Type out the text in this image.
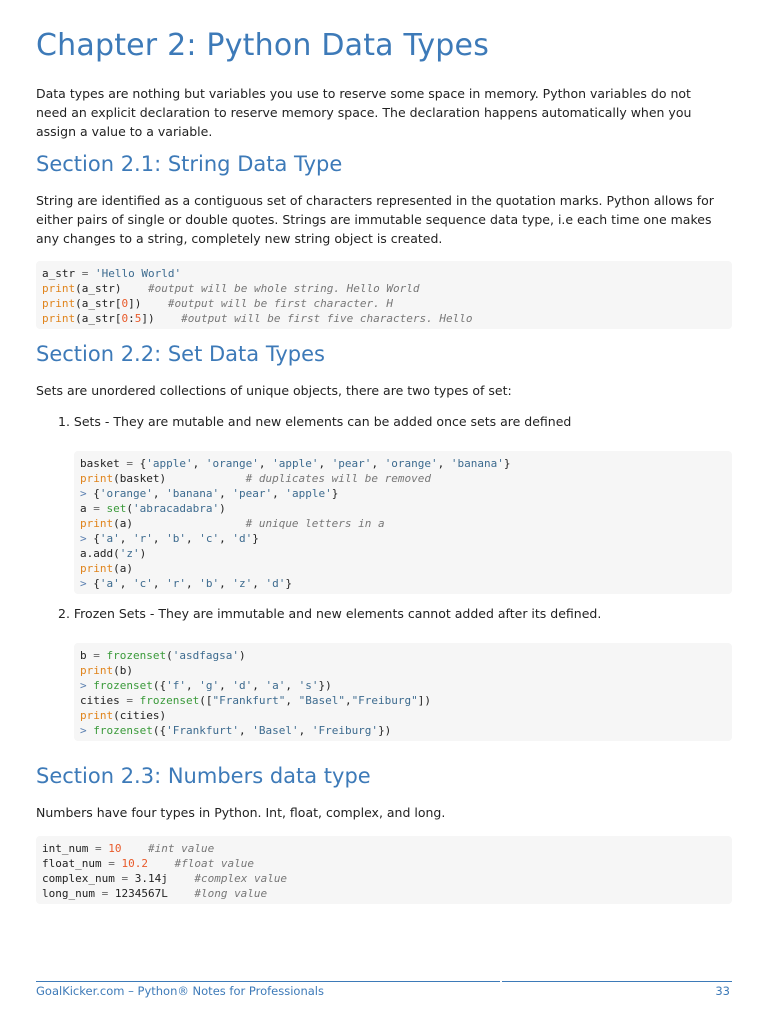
Chapter 2: Python Data Types

Data types are nothing but variables you use to reserve some space in memory. Python variables do not need an explicit declaration to reserve memory space. The declaration happens automatically when you assign a value to a variable.

Section 2.1: String Data Type

String are identified as a contiguous set of characters represented in the quotation marks. Python allows for either pairs of single or double quotes. Strings are immutable sequence data type, i.e each time one makes any changes to a string, completely new string object is created.

a_str = 'Hello World'
print(a_str)    #output will be whole string. Hello World
print(a_str[0])    #output will be first character. H
print(a_str[0:5])    #output will be first five characters. Hello
Section 2.2: Set Data Types

Sets are unordered collections of unique objects, there are two types of set:

1. Sets - They are mutable and new elements can be added once sets are defined

basket = {'apple', 'orange', 'apple', 'pear', 'orange', 'banana'}
print(basket)            # duplicates will be removed
> {'orange', 'banana', 'pear', 'apple'}
a = set('abracadabra')
print(a)                 # unique letters in a
> {'a', 'r', 'b', 'c', 'd'}
a.add('z')
print(a)
> {'a', 'c', 'r', 'b', 'z', 'd'}

2. Frozen Sets - They are immutable and new elements cannot added after its defined.

b = frozenset('asdfagsa')
print(b)
> frozenset({'f', 'g', 'd', 'a', 's'})
cities = frozenset(["Frankfurt", "Basel","Freiburg"])
print(cities)
> frozenset({'Frankfurt', 'Basel', 'Freiburg'})
Section 2.3: Numbers data type

Numbers have four types in Python. Int, float, complex, and long.

int_num = 10 #int value
float_num = 10.2 #float value
complex_num = 3.14j    #complex value
long_num = 1234567L    #long value
GoalKicker.com – Python® Notes for Professionals	33
